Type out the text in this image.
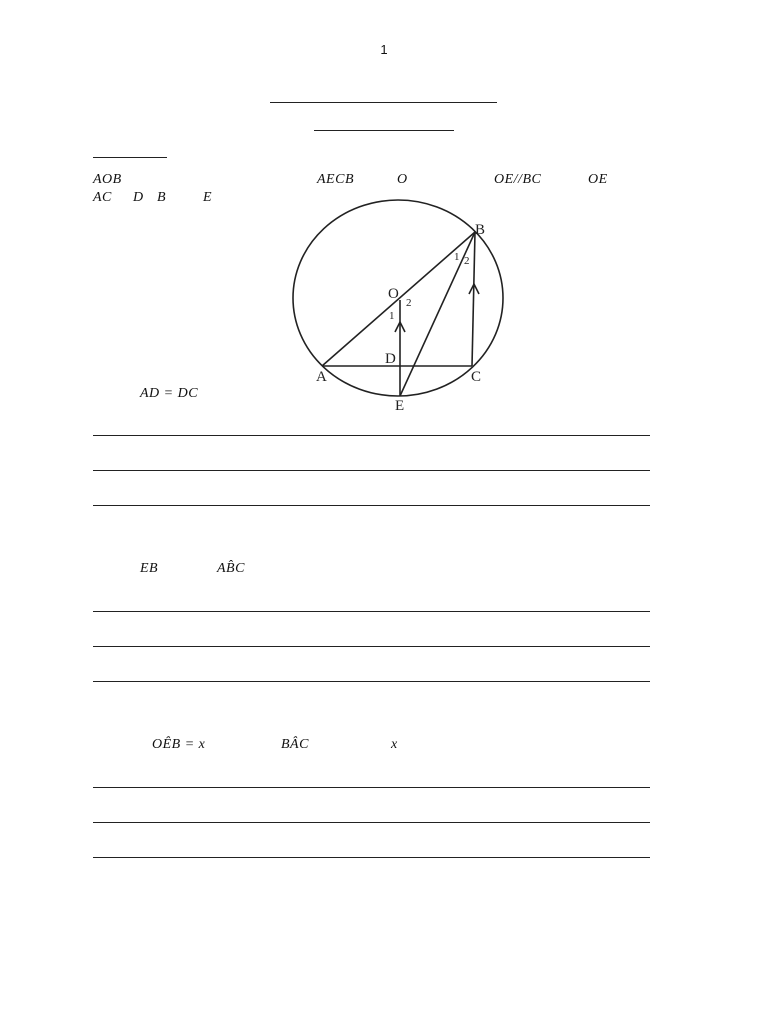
1
AOB	AECB	O	OE//BC	OE
AC D B	E
O
B
A	C
D
E
1
2
1 2
AD = DC
EB	AB̂C
OÊB = x	BÂC	x
